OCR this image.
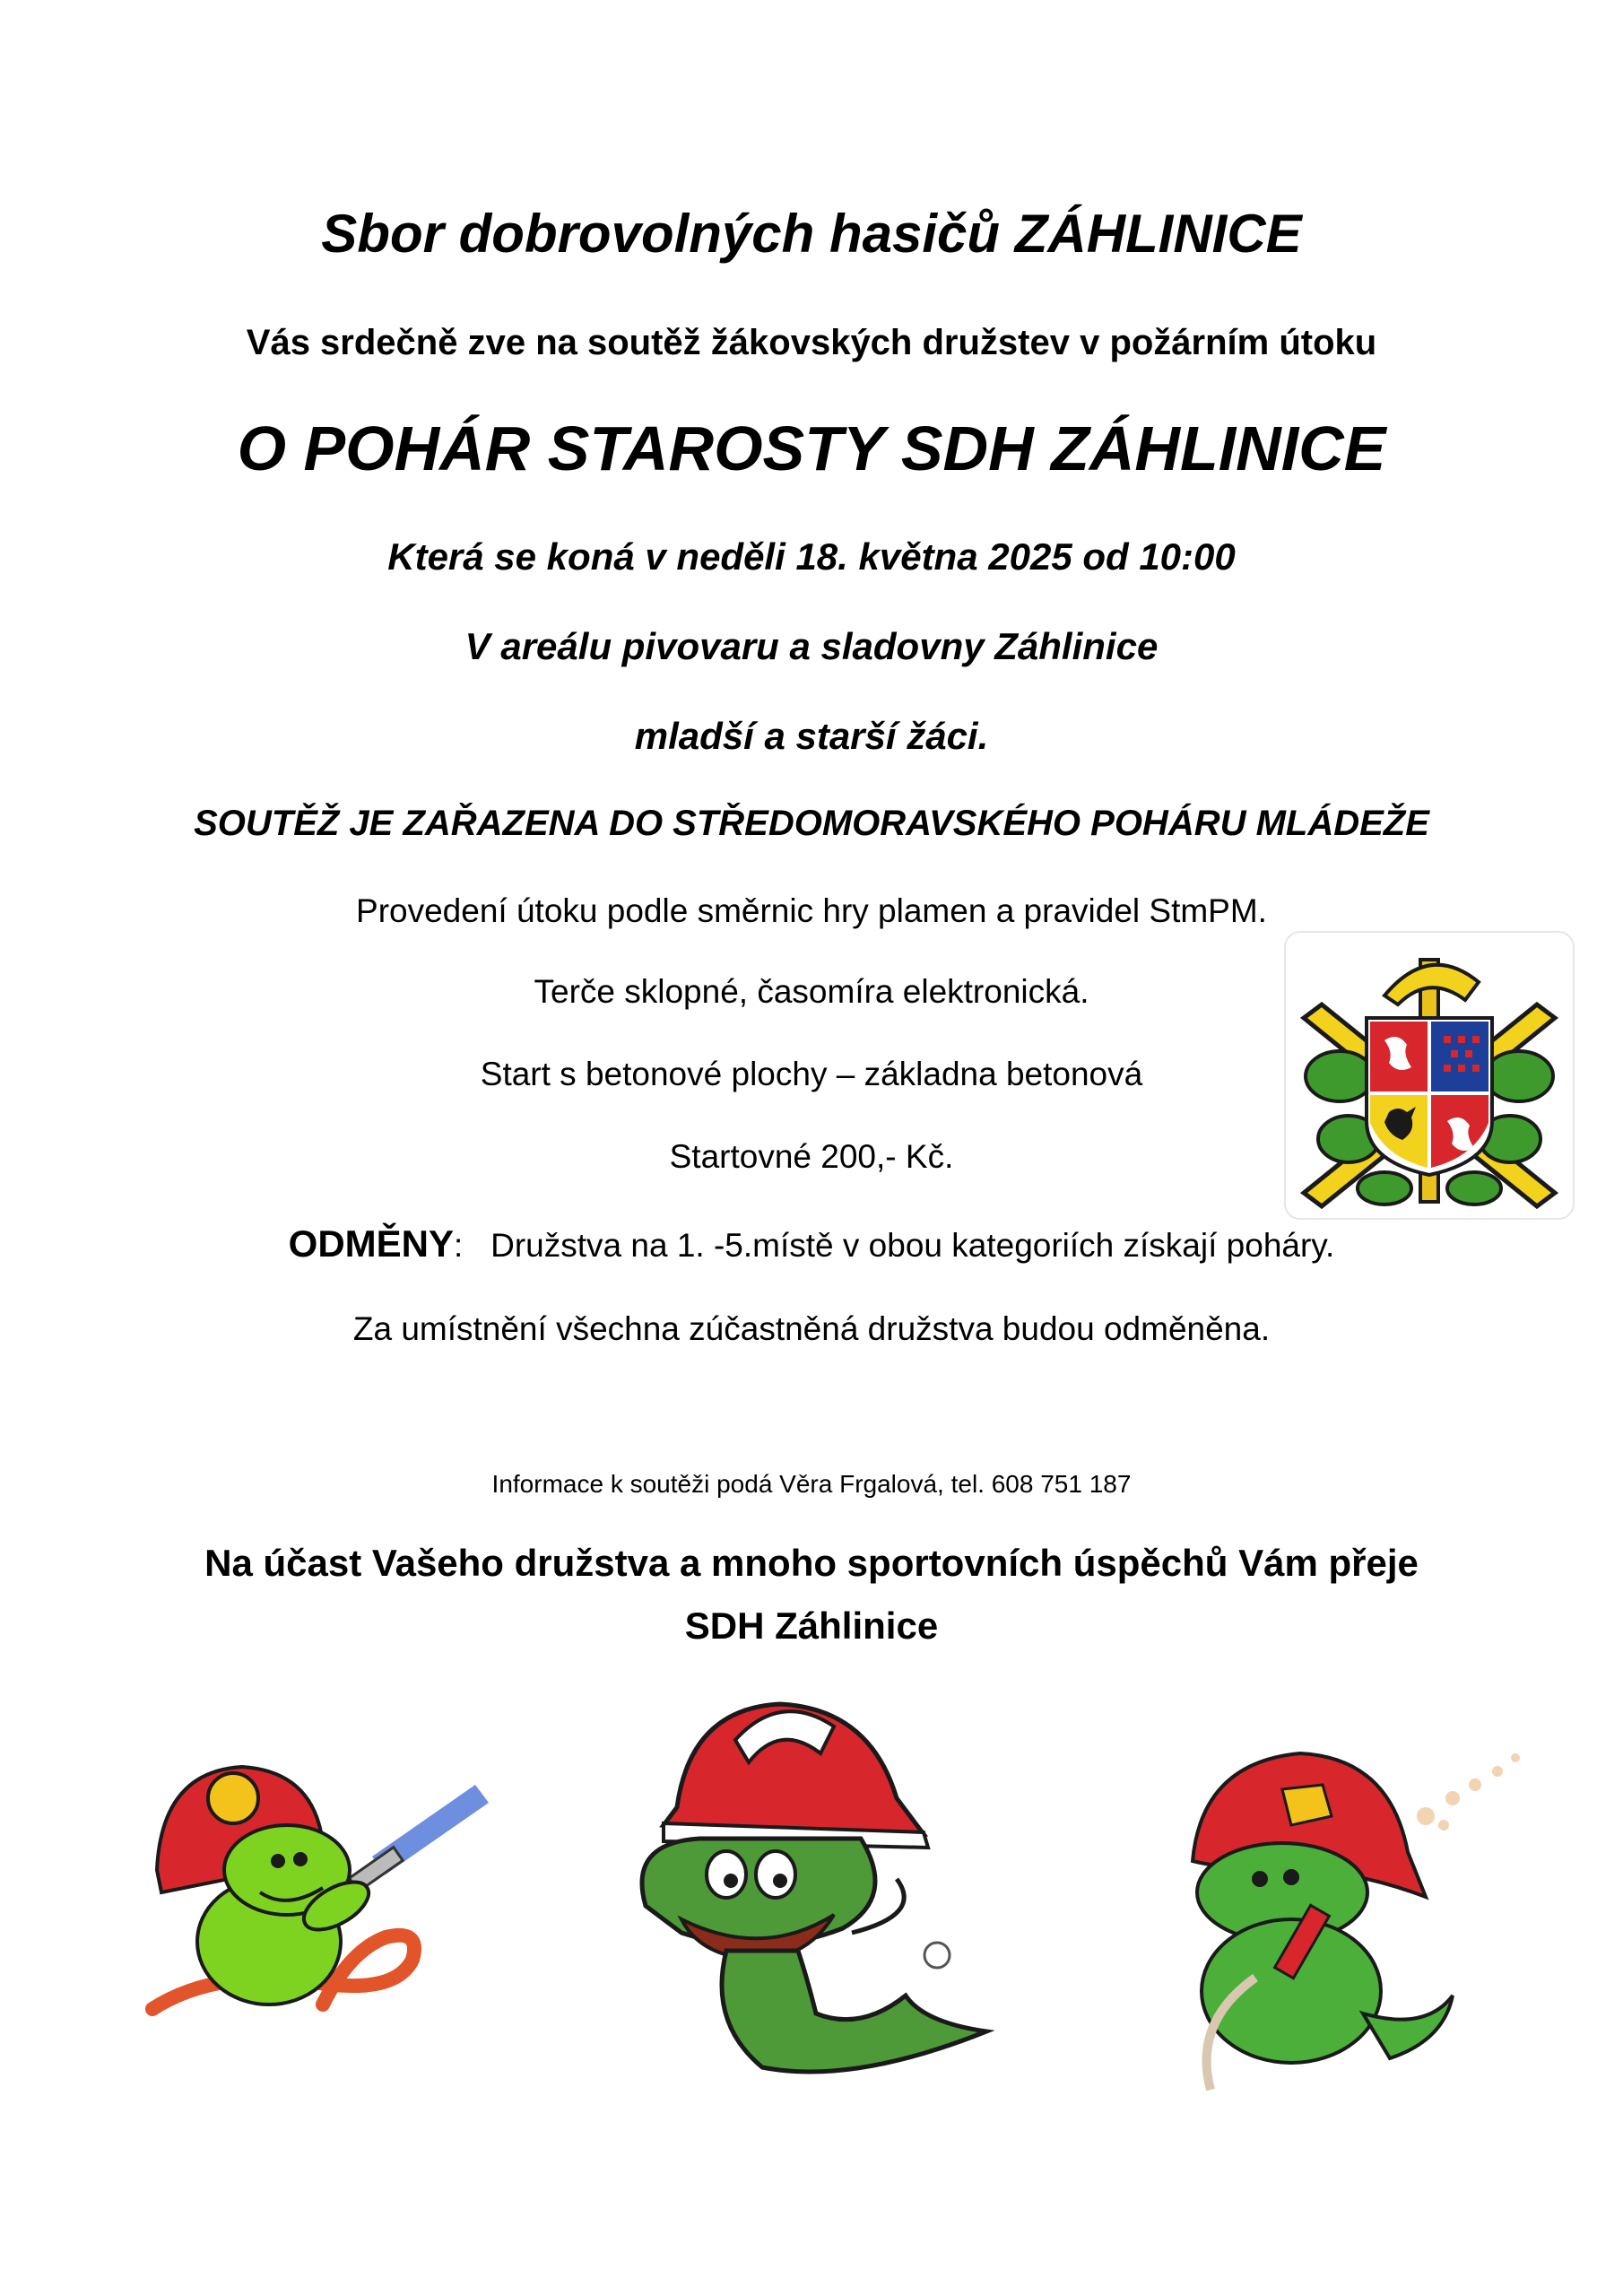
Sbor dobrovolných hasičů ZÁHLINICE
Vás srdečně zve na soutěž žákovských družstev v požárním útoku
O POHÁR STAROSTY SDH ZÁHLINICE
Která se koná v neděli 18. května 2025 od 10:00
V areálu pivovaru a sladovny Záhlinice
mladší a starší žáci.
SOUTĚŽ JE ZAŘAZENA DO STŘEDOMORAVSKÉHO POHÁRU MLÁDEŽE
Provedení útoku podle směrnic hry plamen a pravidel StmPM.
Terče sklopné, časomíra elektronická.
Start s betonové plochy – základna betonová
Startovné 200,- Kč.
ODMĚNY: Družstva na 1. -5.místě v obou kategoriích získají poháry.
Za umístnění všechna zúčastněná družstva budou odměněna.
Informace k soutěži podá Věra Frgalová, tel. 608 751 187
Na účast Vašeho družstva a mnoho sportovních úspěchů Vám přeje
SDH Záhlinice
